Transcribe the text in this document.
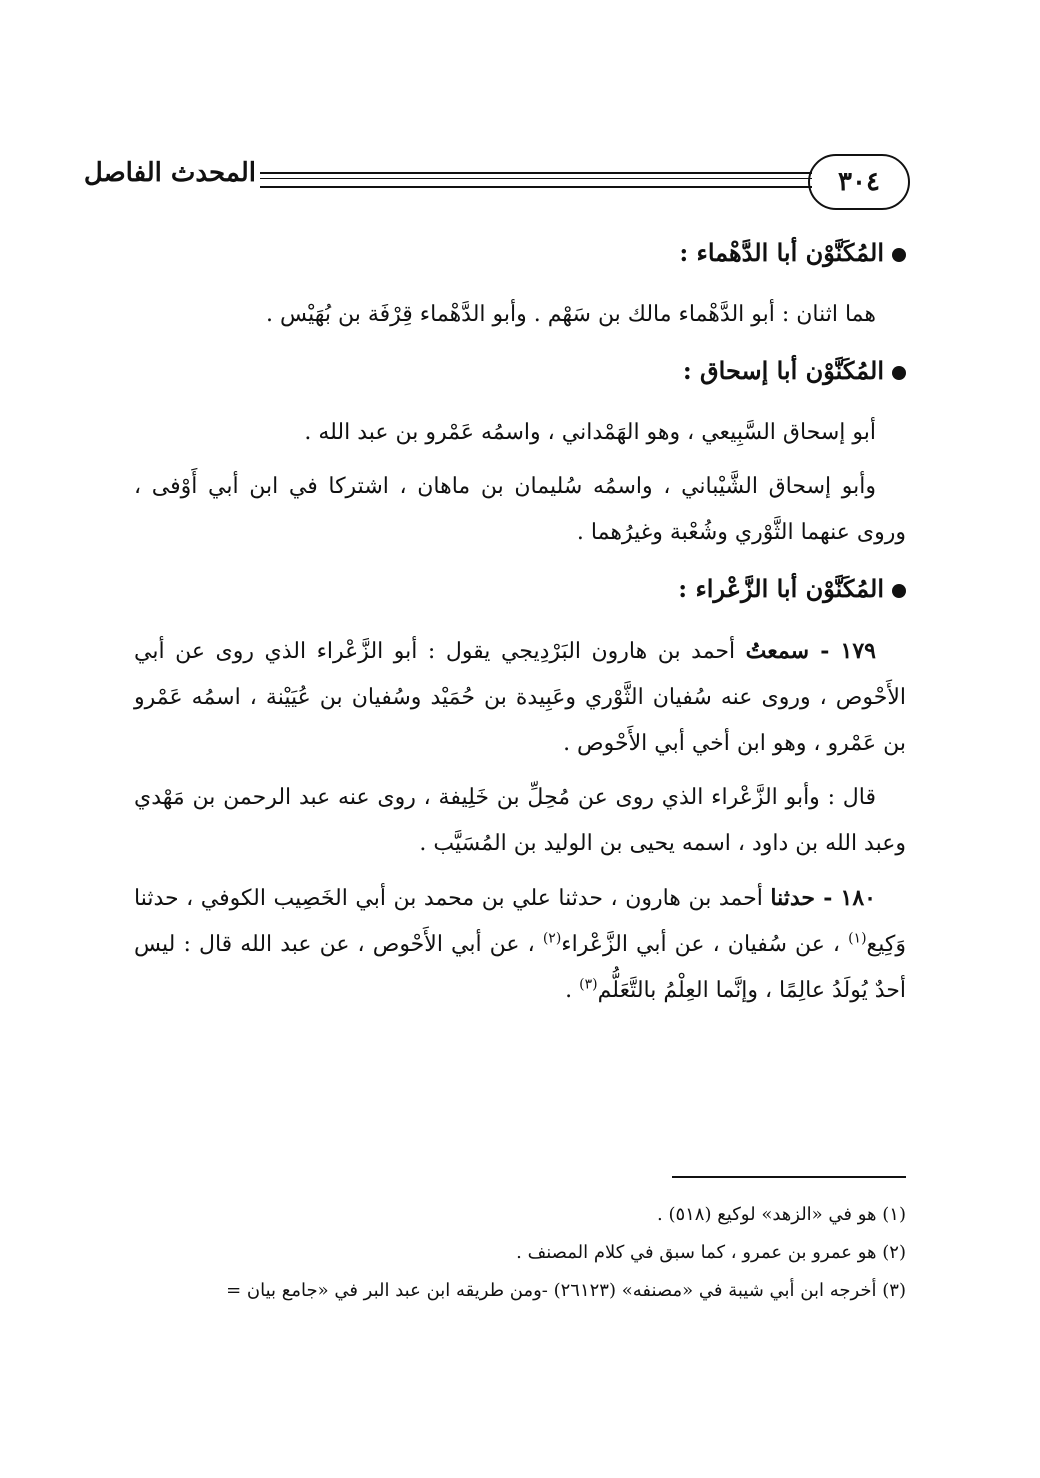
٣٠٤
المحدث الفاصل
المُكَنَّوْن أبا الدَّهْماء :

هما اثنان : أبو الدَّهْماء مالك بن سَهْم . وأبو الدَّهْماء قِرْفَة بن بُهَيْس .

المُكَنَّوْن أبا إسحاق :

أبو إسحاق السَّبِيعي ، وهو الهَمْداني ، واسمُه عَمْرو بن عبد الله .

وأبو إسحاق الشَّيْباني ، واسمُه سُليمان بن ماهان ، اشتركا في ابن أبي أَوْفى ، وروى عنهما الثَّوْري وشُعْبة وغيرُهما .

المُكَنَّوْن أبا الزَّعْراء :

١٧٩ - سمعتُ أحمد بن هارون البَرْدِيجي يقول : أبو الزَّعْراء الذي روى عن أبي الأَحْوص ، وروى عنه سُفيان الثَّوْري وعَبِيدة بن حُمَيْد وسُفيان بن عُيَيْنة ، اسمُه عَمْرو بن عَمْرو ، وهو ابن أخي أبي الأَحْوص .

قال : وأبو الزَّعْراء الذي روى عن مُحِلِّ بن خَلِيفة ، روى عنه عبد الرحمن بن مَهْدي وعبد الله بن داود ، اسمه يحيى بن الوليد بن المُسَيَّب .

١٨٠ - حدثنا أحمد بن هارون ، حدثنا علي بن محمد بن أبي الخَصِيب الكوفي ، حدثنا وَكِيع$^{(١)}$ ، عن سُفيان ، عن أبي الزَّعْراء$^{(٢)}$ ، عن أبي الأَحْوص ، عن عبد الله قال : ليس أحدٌ يُولَدُ عالِمًا ، وإنَّما العِلْمُ بالتَّعَلُّم$^{(٣)}$ .

(١) هو في «الزهد» لوكيع (٥١٨) .

(٢) هو عمرو بن عمرو ، كما سبق في كلام المصنف .

(٣) أخرجه ابن أبي شيبة في «مصنفه» (٢٦١٢٣) -ومن طريقه ابن عبد البر في «جامع بيان =
